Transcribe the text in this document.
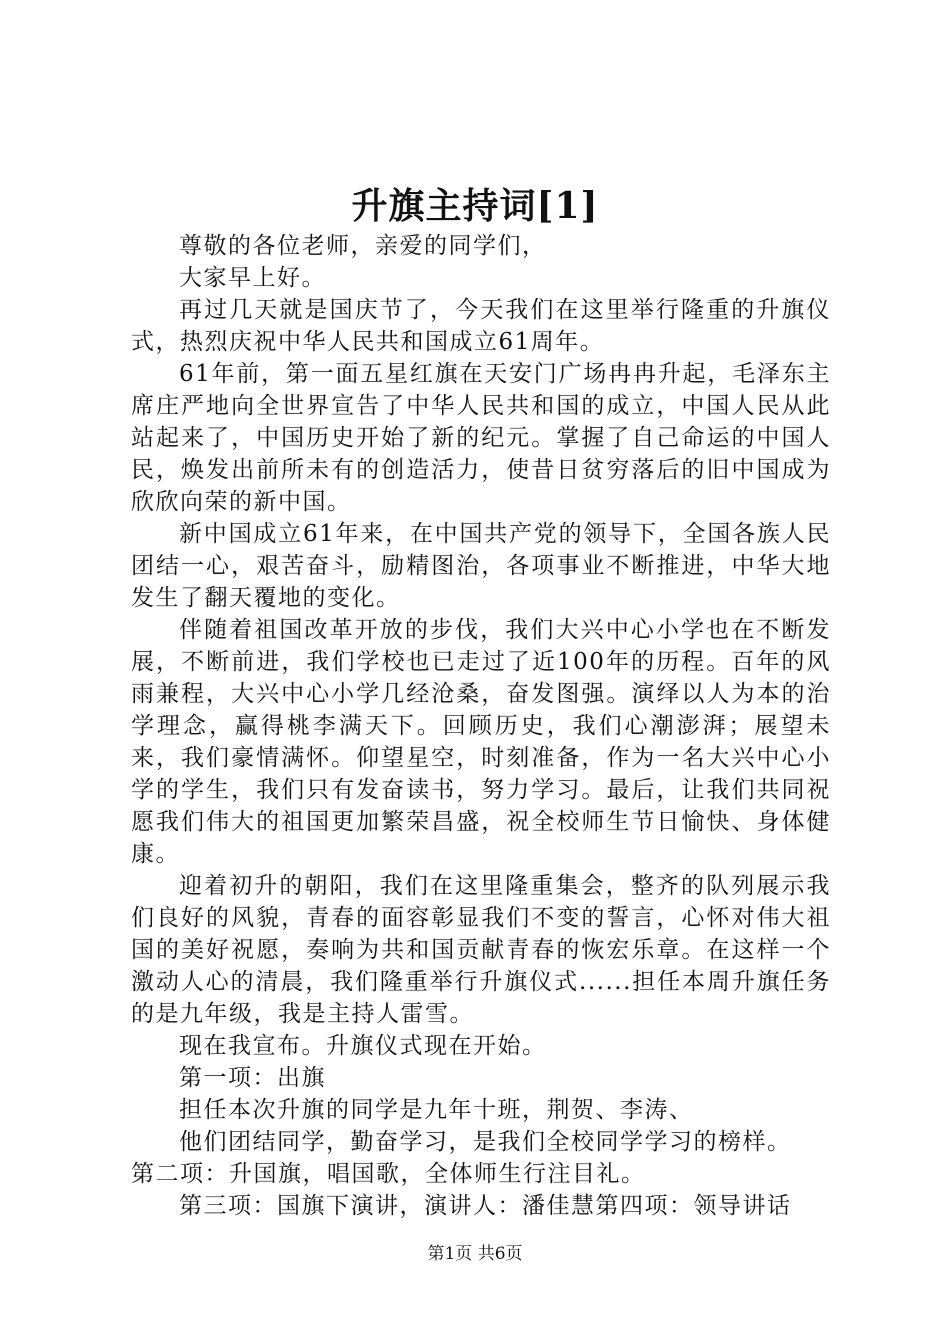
升旗主持词[1]

尊敬的各位老师，亲爱的同学们，

大家早上好。

再过几天就是国庆节了，今天我们在这里举行隆重的升旗仪式，热烈庆祝中华人民共和国成立61周年。

61年前，第一面五星红旗在天安门广场冉冉升起，毛泽东主席庄严地向全世界宣告了中华人民共和国的成立，中国人民从此站起来了，中国历史开始了新的纪元。掌握了自己命运的中国人民，焕发出前所未有的创造活力，使昔日贫穷落后的旧中国成为欣欣向荣的新中国。

新中国成立61年来，在中国共产党的领导下，全国各族人民团结一心，艰苦奋斗，励精图治，各项事业不断推进，中华大地发生了翻天覆地的变化。

伴随着祖国改革开放的步伐，我们大兴中心小学也在不断发展，不断前进，我们学校也已走过了近100年的历程。百年的风雨兼程，大兴中心小学几经沧桑，奋发图强。演绎以人为本的治学理念，赢得桃李满天下。回顾历史，我们心潮澎湃；展望未来，我们豪情满怀。仰望星空，时刻准备，作为一名大兴中心小学的学生，我们只有发奋读书，努力学习。最后，让我们共同祝愿我们伟大的祖国更加繁荣昌盛，祝全校师生节日愉快、身体健康。

迎着初升的朝阳，我们在这里隆重集会，整齐的队列展示我们良好的风貌，青春的面容彰显我们不变的誓言，心怀对伟大祖国的美好祝愿，奏响为共和国贡献青春的恢宏乐章。在这样一个激动人心的清晨，我们隆重举行升旗仪式......担任本周升旗任务的是九年级，我是主持人雷雪。

现在我宣布。升旗仪式现在开始。

第一项：出旗

担任本次升旗的同学是九年十班，荆贺、李涛、

他们团结同学，勤奋学习，是我们全校同学学习的榜样。

第二项：升国旗，唱国歌，全体师生行注目礼。

第三项：国旗下演讲，演讲人：潘佳慧第四项：领导讲话

第1页 共6页
